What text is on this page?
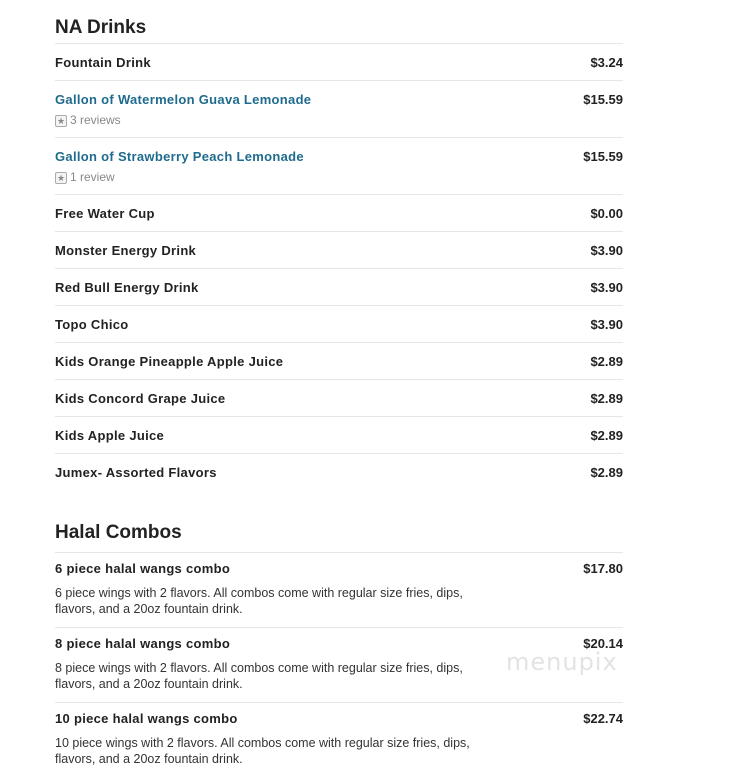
NA Drinks
Fountain Drink	$3.24
Gallon of Watermelon Guava Lemonade	$15.59
★ 3 reviews
Gallon of Strawberry Peach Lemonade	$15.59
★ 1 review
Free Water Cup	$0.00
Monster Energy Drink	$3.90
Red Bull Energy Drink	$3.90
Topo Chico	$3.90
Kids Orange Pineapple Apple Juice	$2.89
Kids Concord Grape Juice	$2.89
Kids Apple Juice	$2.89
Jumex- Assorted Flavors	$2.89
Halal Combos
6 piece halal wangs combo	$17.80
6 piece wings with 2 flavors. All combos come with regular size fries, dips, flavors, and a 20oz fountain drink.
8 piece halal wangs combo	$20.14
8 piece wings with 2 flavors. All combos come with regular size fries, dips, flavors, and a 20oz fountain drink.
10 piece halal wangs combo	$22.74
10 piece wings with 2 flavors. All combos come with regular size fries, dips, flavors, and a 20oz fountain drink.
menupix
